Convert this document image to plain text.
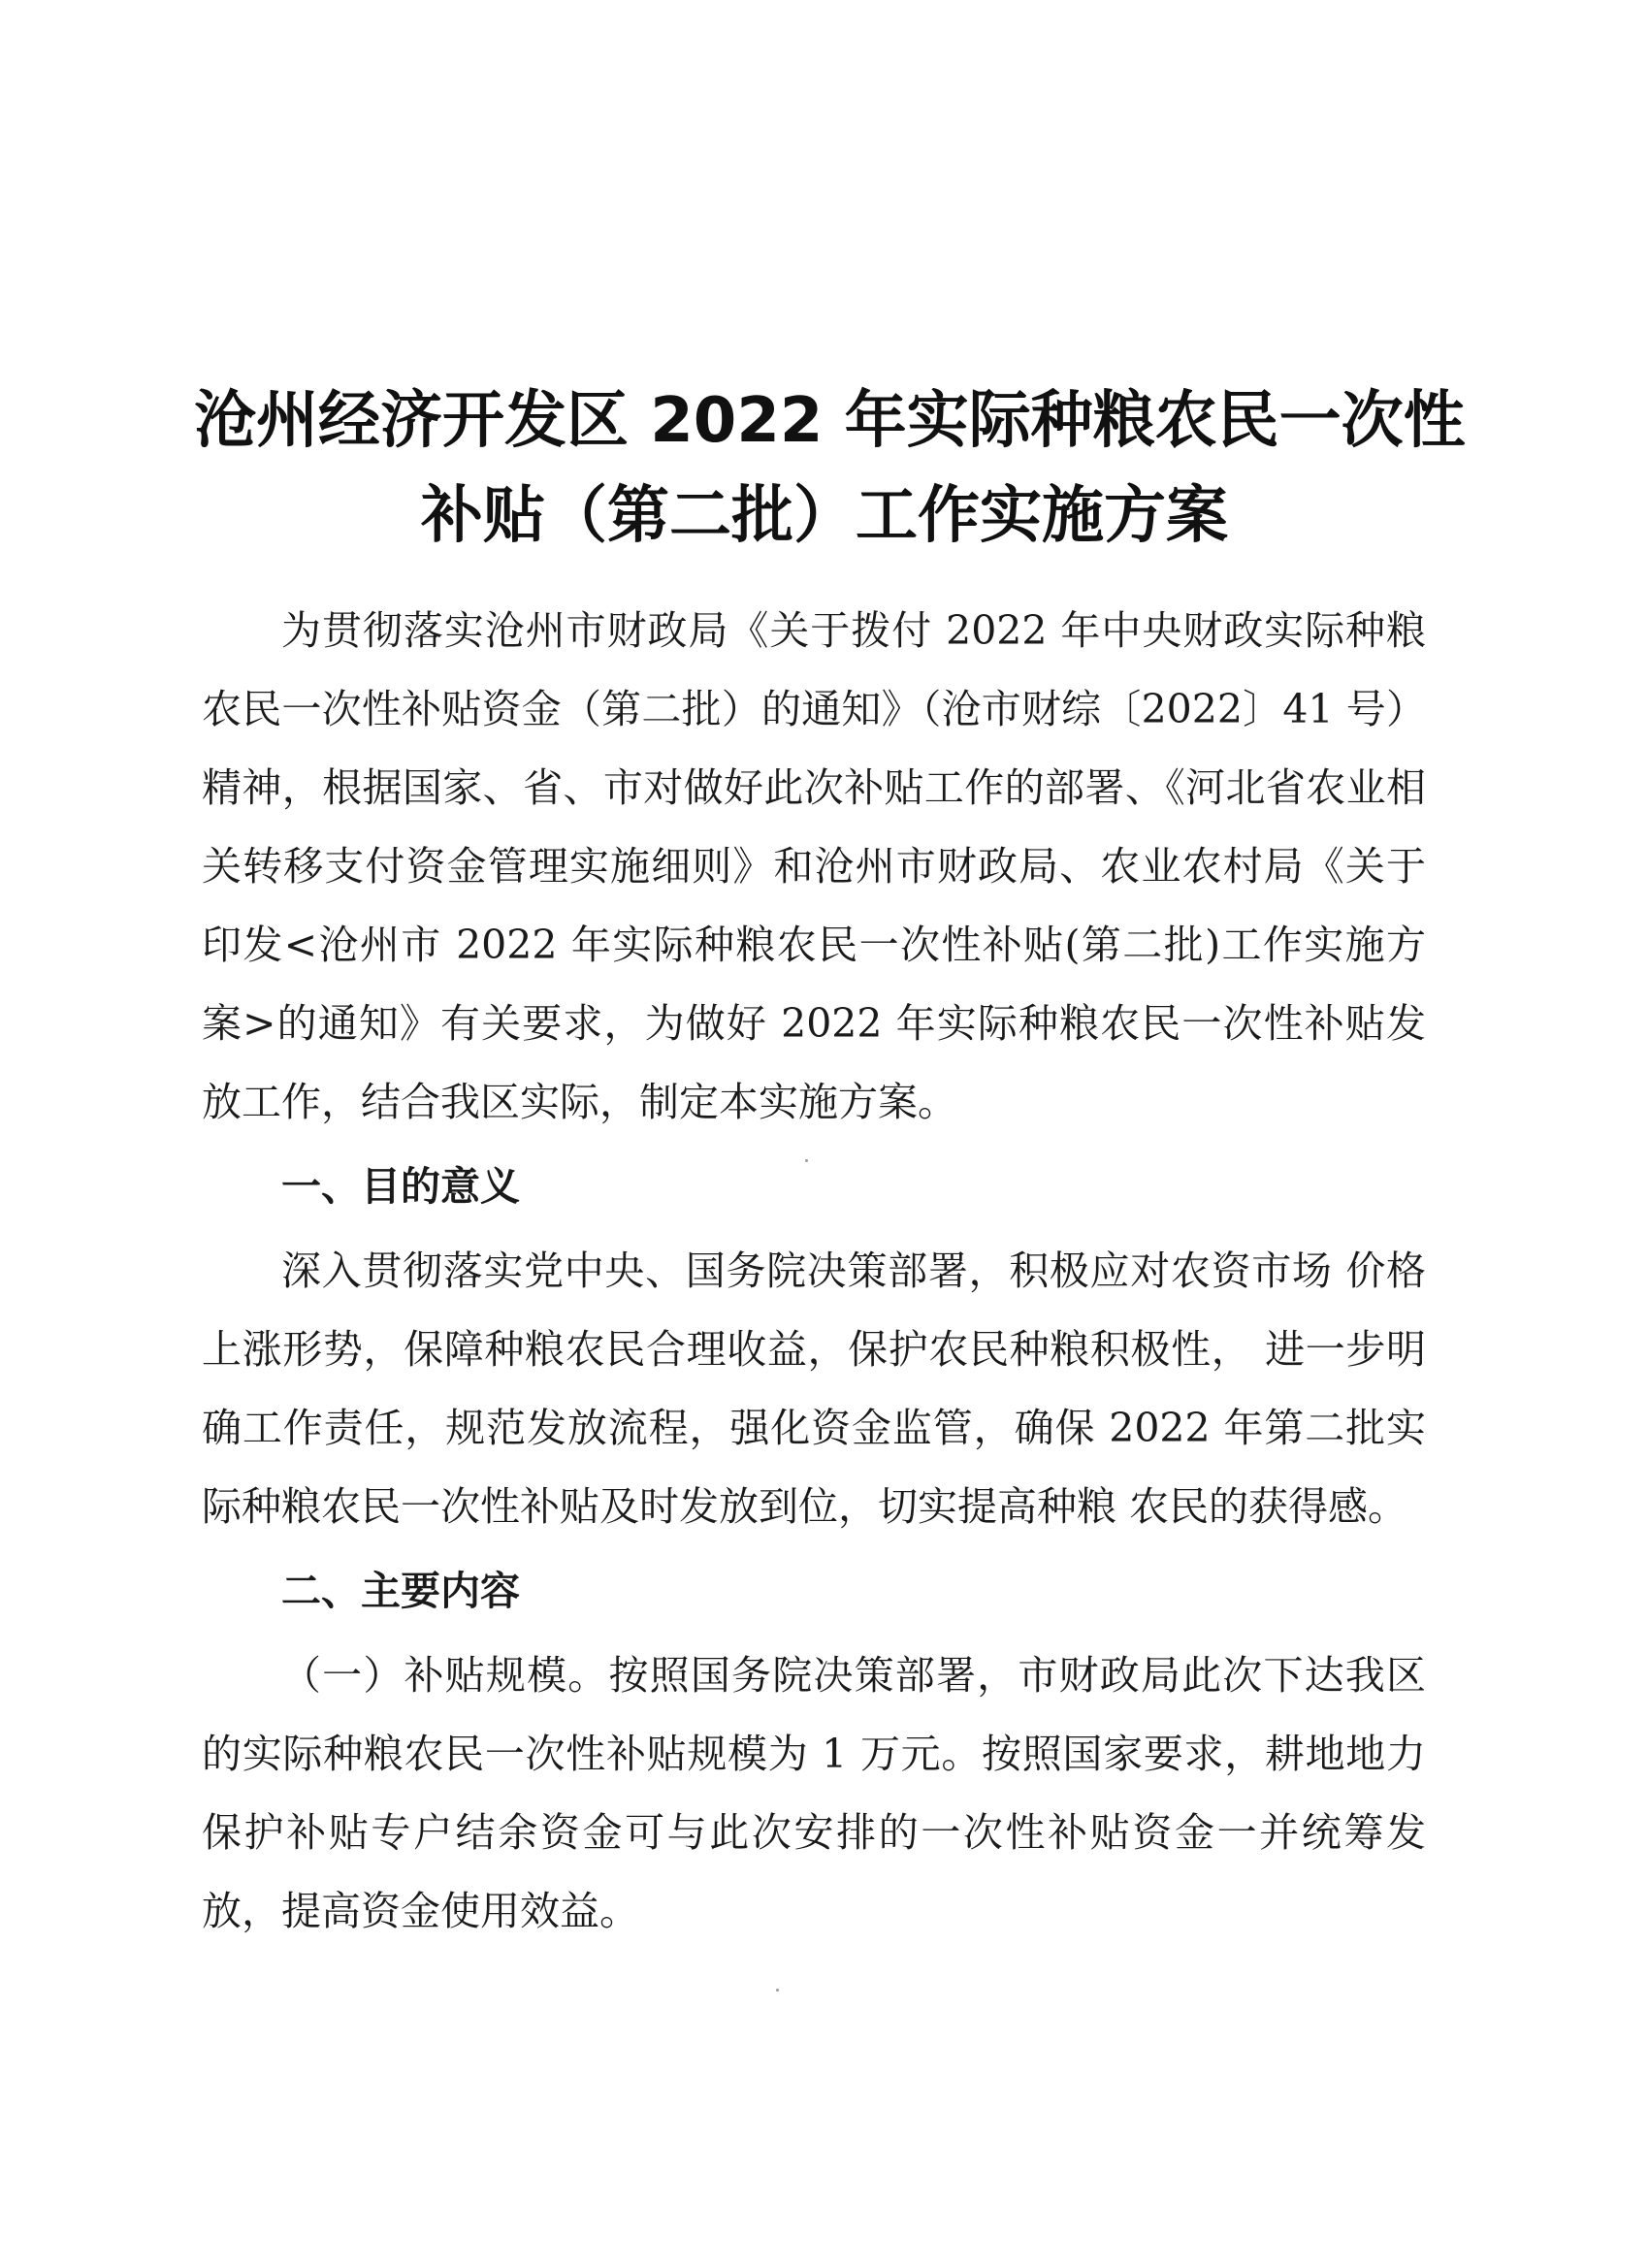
沧州经济开发区 2022 年实际种粮农民一次性
补贴（第二批）工作实施方案

为贯彻落实沧州市财政局《关于拨付 2022 年中央财政实际种粮农民一次性补贴资金（第二批）的通知》（沧市财综〔2022〕41 号）精神，根据国家、省、市对做好此次补贴工作的部署、《河北省农业相关转移支付资金管理实施细则》和沧州市财政局、农业农村局《关于印发<沧州市 2022 年实际种粮农民一次性补贴(第二批)工作实施方案>的通知》有关要求，为做好 2022 年实际种粮农民一次性补贴发放工作，结合我区实际，制定本实施方案。

一、目的意义

深入贯彻落实党中央、国务院决策部署，积极应对农资市场 价格上涨形势，保障种粮农民合理收益，保护农民种粮积极性， 进一步明确工作责任，规范发放流程，强化资金监管，确保 2022 年第二批实际种粮农民一次性补贴及时发放到位，切实提高种粮 农民的获得感。

二、主要内容

（一）补贴规模。按照国务院决策部署，市财政局此次下达我区的实际种粮农民一次性补贴规模为 1 万元。按照国家要求，耕地地力保护补贴专户结余资金可与此次安排的一次性补贴资金一并统筹发放，提高资金使用效益。
